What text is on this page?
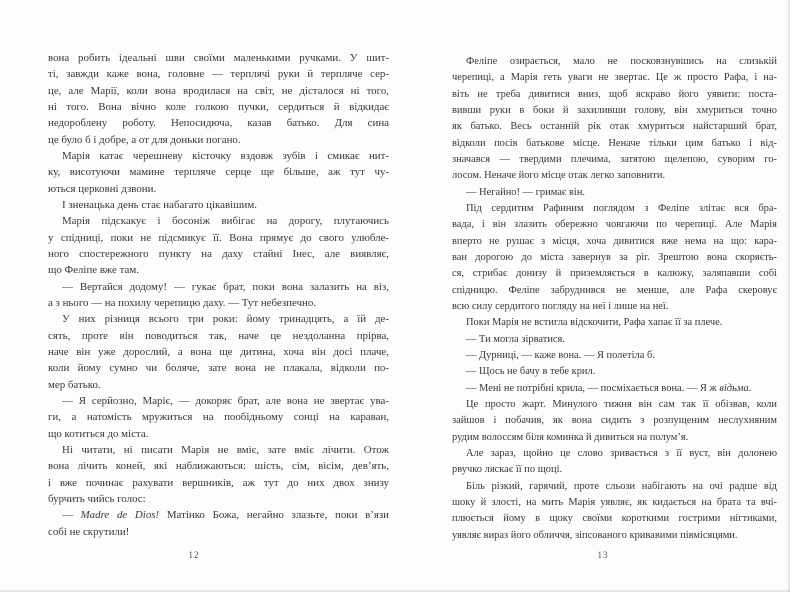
вона робить ідеальні шви своїми маленькими ручками. У шит-
ті, завжди каже вона, головне — терплячі руки й терпляче сер-
це, але Марії, коли вона вродилася на світ, не дісталося ні того,
ні того. Вона вічно коле голкою пучки, сердиться й відкидає
недороблену роботу. Непосидюча, казав батько. Для сина
це було б і добре, а от для доньки погано.
Марія катає черешневу кісточку вздовж зубів і смикає нит-
ку, висотуючи мамине терпляче серце ще більше, аж тут чу-
ються церковні дзвони.
І зненацька день стає набагато цікавішим.
Марія підскакує і босоніж вибігає на дорогу, плутаючись
у спідниці, поки не підсмикує її. Вона прямує до свого улюбле-
ного спостережного пункту на даху стайні Інес, але виявляє,
що Феліпе вже там.
— Вертайся додому! — гукає брат, поки вона залазить на віз,
а з нього — на похилу черепицю даху. — Тут небезпечно.
У них різниця всього три роки: йому тринадцять, а їй де-
сять, проте він поводиться так, наче це нездоланна прірва,
наче він уже дорослий, а вона ще дитина, хоча він досі плаче,
коли йому сумно чи боляче, зате вона не плакала, відколи по-
мер батько.
— Я серйозно, Маріє, — докоряє брат, але вона не звертає ува-
ги, а натомість мружиться на пообідньому сонці на караван,
що котиться до міста.
Ні читати, ні писати Марія не вміє, зате вміє лічити. Отож
вона лічить коней, які наближаються: шість, сім, вісім, дев’ять,
і вже починає рахувати вершників, аж тут до них двох знизу
бурчить чийсь голос:
— Madre de Dios! Матінко Божа, негайно злазьте, поки в’язи
собі не скрутили!
Феліпе озирається, мало не посковзнувшись на слизькій
черепиці, а Марія геть уваги не звертає. Це ж просто Рафа, і на-
віть не треба дивитися вниз, щоб яскраво його уявити: поста-
вивши руки в боки й захиливши голову, він хмуриться точно
як батько. Весь останній рік отак хмуриться найстарший брат,
відколи посів батькове місце. Неначе тільки цим батько і від-
значався — твердими плечима, затятою щелепою, суворим го-
лосом. Неначе його місце отак легко заповнити.
— Негайно! — гримає він.
Під сердитим Рафиним поглядом з Феліпе злітає вся бра-
вада, і він злазить обережно човгаючи по черепиці. Але Марія
вперто не рушає з місця, хоча дивитися вже нема на що: кара-
ван дорогою до міста завернув за ріг. Зрештою вона скоряєть-
ся, стрибає донизу й приземляється в калюжу, заляпавши собі
спідницю. Феліпе забруднився не менше, але Рафа скеровує
всю силу сердитого погляду на неї і лише на неї.
Поки Марія не встигла відскочити, Рафа хапає її за плече.
— Ти могла зірватися.
— Дурниці, — каже вона. — Я полетіла б.
— Щось не бачу в тебе крил.
— Мені не потрібні крила, — посміхається вона. — Я ж відьма.
Це просто жарт. Минулого тижня він сам так її обізвав, коли
зайшов і побачив, як вона сидить з розпущеним неслухняним
рудим волоссям біля коминка й дивиться на полум’я.
Але зараз, щойно це слово зривається з її вуст, він долонею
рвучко ляскає її по щоці.
Біль різкий, гарячий, проте сльози набігають на очі радше від
шоку й злості, на мить Марія уявляє, як кидається на брата та вчі-
плюється йому в щоку своїми короткими гострими нігтиками,
уявляє вираз його обличчя, зіпсованого кривавими півмісяцями.
12	13
